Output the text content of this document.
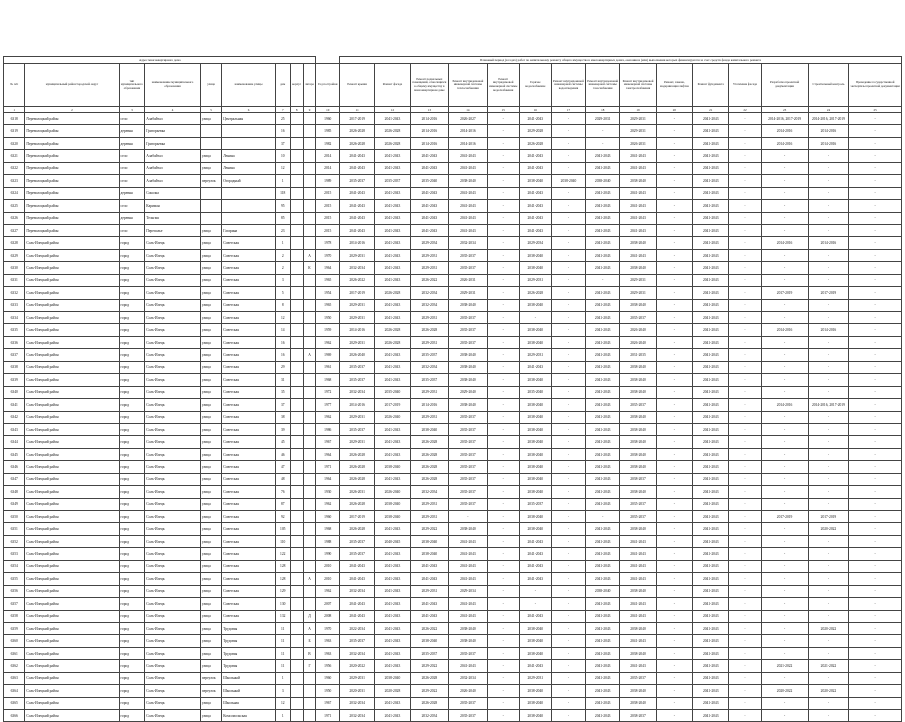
Адрес многоквартирного дома										Плановый период (в годах) работ по капитальному ремонту общего имущества в многоквартирных домах, оказания и (или) выполнения которых финансируются за счет средств фонда капитального ремонта														
№ п/п	муниципальный район/городской округ	тип муниципального образования	наименование муниципального образования	улица	наименование улицы	дом	корпус	литера	Год постройки	Ремонт крыши	Ремонт фасада	Ремонт подвальных помещений, относящихся к общему имуществу в многоквартирном доме	Ремонт внутридомовой инженерной системы теплоснабжения	Ремонт внутридомовой инженерной системы водоснабжения	Горячее водоснабжение	Ремонт внутридомовой инженерной системы водоотведения	Ремонт внутридомовой инженерной системы газоснабжения	Ремонт внутридомовой инженерной системы электроснабжения	Ремонт, замена, модернизация лифтов	Ремонт фундамента	Утепление фасада	Разработка проектной документации	Строительный контроль	Проведение государственной экспертизы проектной документации
1	2	3	4	5	6	7	8	9	10	11	12	13	14	15	16	17	18	19	20	21	22	23	24	25
6318	Переволоцкий район	село	Алабайтал	улица	Центральная	25			1960	2017-2019	2041-2043	2014-2016	2026-2027	-	2041-2043	-	2029-2031	2029-2031	-	2041-2043	-	2014-2016, 2017-2019	2014-2016, 2017-2019	-
6319	Переволоцкий район	деревня	Григорьевка			16			1985	2026-2028	2026-2028	2014-2016	2014-2016	-	2029-2028	-	-	2029-2031	-	2041-2043	-	2014-2016	2014-2016	-
6320	Переволоцкий район	деревня	Григорьевка			37			1982	2026-2028	2026-2028	2014-2016	2014-2016	-	2026-2028	-	-	2026-2031	-	2041-2043	-	2014-2016	2014-2016	-
6321	Переволоцкий район	село	Алабайтал	улица	Ленина	10			2014	2041-2043	2041-2043	2041-2043	2041-2043	-	2041-2043	-	2041-2043	2041-2043	-	2041-2043	-	-	-	-
6322	Переволоцкий район	село	Алабайтал	улица	Ленина	12			2014	2041-2043	2041-2043	2041-2043	2041-2043	-	2041-2043	-	2041-2043	2041-2043	-	2041-2043	-	-	-	-
6323	Переволоцкий район	село	Алабайтал	переулок	Огородный	1			1989	2035-2037	2035-2037	2035-2040	2038-2040	-	2038-2040	2038-2040	2038-2040	2038-2040	-	2041-2043	-	-	-	-
6324	Переволоцкий район	деревня	Соколка			118			2015	2041-2043	2041-2043	2041-2043	2041-2043	-	2041-2043	-	2041-2043	2041-2043	-	2041-2043	-	-	-	-
6325	Переволоцкий район	село	Кариман			95			2015	2041-2043	2041-2043	2041-2043	2041-2043	-	2041-2043	-	2041-2043	2041-2043	-	2041-2043	-	-	-	-
6326	Переволоцкий район	деревня	Тельгаш			85			2015	2041-2043	2041-2043	2041-2043	2041-2043	-	2041-2043	-	2041-2043	2041-2043	-	2041-2043	-	-	-	-
6327	Переволоцкий район	село	Переполье	улица	Гагарина	23			2015	2041-2043	2041-2043	2041-2043	2041-2043	-	2041-2043	-	2041-2043	2041-2043	-	2041-2043	-	-	-	-
6328	Соль-Илецкий район	город	Соль-Илецк	улица	Советская	1			1978	2014-2016	2041-2043	2029-2034	2032-2034	-	2029-2034	-	2041-2043	2038-2040	-	2041-2043	-	2014-2016	2014-2016	-
6329	Соль-Илецкий район	город	Соль-Илецк	улица	Советская	2		А	1970	2029-2031	2041-2043	2029-2031	2035-2037	-	2038-2040	-	2041-2043	2041-2043	-	2041-2043	-	-	-	-
6330	Соль-Илецкий район	город	Соль-Илецк	улица	Советская	2		К	1964	2032-2034	2041-2043	2029-2031	2035-2037	-	2038-2040	-	2041-2043	2038-2040	-	2041-2043	-	-	-	-
6331	Соль-Илецкий район	город	Соль-Илецк	улица	Советская	3			1965	2026-2022	2041-2043	2026-2022	2026-2031	-	2029-2031	-	-	2029-2031	-	2041-2043	-	-	-	-
6332	Соль-Илецкий район	город	Соль-Илецк	улица	Советская	5			1954	2017-2019	2026-2028	2032-2034	2029-2031	-	2026-2028	-	2041-2043	2029-2031	-	2041-2043	-	2017-2019	2017-2019	-
6333	Соль-Илецкий район	город	Соль-Илецк	улица	Советская	8			1965	2029-2031	2041-2043	2032-2034	2038-2040	-	2038-2040	-	2041-2043	2038-2040	-	2041-2043	-	-	-	-
6334	Соль-Илецкий район	город	Соль-Илецк	улица	Советская	12			1950	2029-2031	2041-2043	2029-2031	2035-2037	-	-	-	2041-2043	2035-2037	-	2041-2043	-	-	-	-
6335	Соль-Илецкий район	город	Соль-Илецк	улица	Советская	14			1959	2014-2016	2026-2028	2026-2028	2035-2037	-	2038-2040	-	2041-2043	2026-2040	-	2041-2043	-	2014-2016	2014-2016	-
6336	Соль-Илецкий район	город	Соль-Илецк	улица	Советская	16			1962	2029-2031	2026-2028	2029-2031	2035-2037	-	2038-2040	-	2041-2043	2026-2040	-	2041-2043	-	-	-	-
6337	Соль-Илецкий район	город	Соль-Илецк	улица	Советская	16		А	1969	2026-2040	2041-2043	2035-2037	2038-2040	-	2029-2031	-	2041-2043	2031-2035	-	2041-2043	-	-	-	-
6338	Соль-Илецкий район	город	Соль-Илецк	улица	Советская	29			1961	2035-2037	2041-2043	2032-2034	2038-2040	-	2041-2043	-	2041-2043	2038-2040	-	2041-2043	-	-	-	-
6339	Соль-Илецкий район	город	Соль-Илецк	улица	Советская	31			1968	2035-2037	2041-2043	2035-2037	2038-2040	-	2038-2040	-	2041-2043	2038-2040	-	2041-2043	-	-	-	-
6340	Соль-Илецкий район	город	Соль-Илецк	улица	Советская	35			1972	2032-2034	2035-2040	2029-2031	2029-2040	-	2035-2040	-	2041-2043	2038-2040	-	2041-2043	-	-	-	-
6341	Соль-Илецкий район	город	Соль-Илецк	улица	Советская	37			1977	2014-2016	2017-2019	2014-2016	2038-2040	-	2038-2040	-	2041-2043	2035-2037	-	2041-2043	-	2014-2016	2014-2016, 2017-2019	-
6342	Соль-Илецкий район	город	Соль-Илецк	улица	Советская	38			1962	2029-2031	2026-2040	2029-2031	2035-2037	-	2038-2040	-	2041-2043	2038-2040	-	2041-2043	-	-	-	-
6343	Соль-Илецкий район	город	Соль-Илецк	улица	Советская	39			1986	2035-2037	2041-2043	2038-2040	2035-2037	-	2038-2040	-	2041-2043	2038-2040	-	2041-2043	-	-	-	-
6344	Соль-Илецкий район	город	Соль-Илецк	улица	Советская	45			1967	2029-2031	2041-2043	2026-2028	2035-2037	-	2038-2040	-	2041-2043	2038-2040	-	2041-2043	-	-	-	-
6345	Соль-Илецкий район	город	Соль-Илецк	улица	Советская	46			1964	2026-2028	2041-2043	2026-2028	2035-2037	-	2038-2040	-	2041-2043	2038-2040	-	2041-2043	-	-	-	-
6346	Соль-Илецкий район	город	Соль-Илецк	улица	Советская	47			1971	2026-2028	2038-2040	2026-2028	2035-2037	-	2038-2040	-	2041-2043	2038-2040	-	2041-2043	-	-	-	-
6347	Соль-Илецкий район	город	Соль-Илецк	улица	Советская	48			1964	2026-2028	2041-2043	2026-2028	2035-2037	-	2038-2040	-	2041-2043	2038-2037	-	2041-2043	-	-	-	-
6348	Соль-Илецкий район	город	Соль-Илецк	улица	Советская	76			1930	2026-2031	2026-2040	2032-2034	2035-2037	-	2038-2040	-	2041-2043	2038-2040	-	2041-2043	-	-	-	-
6349	Соль-Илецкий район	город	Соль-Илецк	улица	Советская	87			1962	2026-2028	2038-2040	2029-2031	2035-2037	-	2035-2037	-	2041-2043	2035-2037	-	2041-2043	-	-	-	-
6350	Соль-Илецкий район	город	Соль-Илецк	улица	Советская	92			1960	2017-2019	2038-2040	2029-2031	-	-	2038-2040	-	-	2035-2037	-	2041-2043	-	2017-2019	2017-2019	-
6351	Соль-Илецкий район	город	Соль-Илецк	улица	Советская	105			1968	2026-2028	2041-2043	2029-2022	2038-2040	-	2038-2040	-	2041-2043	2038-2040	-	2041-2043	-	-	2020-2022	-
6352	Соль-Илецкий район	город	Соль-Илецк	улица	Советская	110			1988	2035-2037	2040-2045	2038-2040	2041-2043	-	2041-2043	-	2041-2043	2041-2043	-	2041-2043	-	-	-	-
6353	Соль-Илецкий район	город	Соль-Илецк	улица	Советская	122			1990	2035-2037	2041-2043	2038-2040	2041-2043	-	2041-2043	-	2041-2043	2041-2043	-	2041-2043	-	-	-	-
6354	Соль-Илецкий район	город	Соль-Илецк	улица	Советская	128			2010	2041-2043	2041-2043	2041-2043	2041-2043	-	2041-2043	-	2041-2043	2041-2043	-	2041-2043	-	-	-	-
6355	Соль-Илецкий район	город	Соль-Илецк	улица	Советская	128		А	2010	2041-2043	2041-2043	2041-2043	2041-2043	-	2041-2043	-	2041-2043	2041-2043	-	2041-2043	-	-	-	-
6356	Соль-Илецкий район	город	Соль-Илецк	улица	Советская	129			1962	2032-2034	2041-2043	2029-2031	2029-2034	-	-	-	2038-2040	2038-2040	-	2041-2043	-	-	-	-
6357	Соль-Илецкий район	город	Соль-Илецк	улица	Советская	130			2007	2041-2043	2041-2043	2041-2043	2041-2043	-	-	-	2041-2043	2041-2043	-	2041-2043	-	-	-	-
6358	Соль-Илецкий район	город	Соль-Илецк	улица	Советская	132		Д	2008	2041-2043	2041-2043	2041-2043	2041-2043	-	2041-2043	-	2041-2043	2041-2043	-	2041-2043	-	-	-	-
6359	Соль-Илецкий район	город	Соль-Илецк	улица	Трудовая	11		А	1970	2022-2034	2041-2043	2026-2022	2038-2040	-	2038-2040	-	2041-2043	2038-2040	-	2041-2043	-	-	2020-2022	-
6360	Соль-Илецкий район	город	Соль-Илецк	улица	Трудовая	11		Б	1963	2035-2037	2041-2043	2038-2040	2038-2040	-	2038-2040	-	2041-2043	2041-2043	-	2041-2043	-	-	-	-
6361	Соль-Илецкий район	город	Соль-Илецк	улица	Трудовая	11		В	1963	2032-2034	2041-2043	2035-2037	2035-2037	-	2038-2040	-	2041-2043	2038-2040	-	2041-2043	-	-	-	-
6362	Соль-Илецкий район	город	Соль-Илецк	улица	Трудовая	11		Г	1956	2020-2022	2041-2043	2029-2022	2041-2043	-	2041-2043	-	2041-2043	2041-2043	-	2041-2043	-	2021-2022	2021-2022	-
6363	Соль-Илецкий район	город	Соль-Илецк	переулок	Школьный	1			1960	2029-2031	2038-2040	2026-2028	2032-2034	-	2029-2031	-	2041-2043	2035-2037	-	2041-2043	-	-	-	-
6364	Соль-Илецкий район	город	Соль-Илецк	переулок	Школьный	3			1950	2020-2031	2020-2028	2029-2022	2026-2040	-	2038-2040	-	2041-2043	2038-2040	-	2041-2043	-	2020-2022	2020-2022	-
6365	Соль-Илецкий район	город	Соль-Илецк	улица	Школьная	12			1967	2032-2034	2041-2043	2026-2028	2035-2037	-	2038-2040	-	2041-2043	2038-2040	-	2041-2043	-	-	-	-
6366	Соль-Илецкий район	город	Соль-Илецк	улица	Комсомольская	1			1971	2032-2034	2041-2043	2032-2034	2035-2037	-	2038-2040	-	2041-2043	2038-2037	-	2041-2043	-	-	-	-
